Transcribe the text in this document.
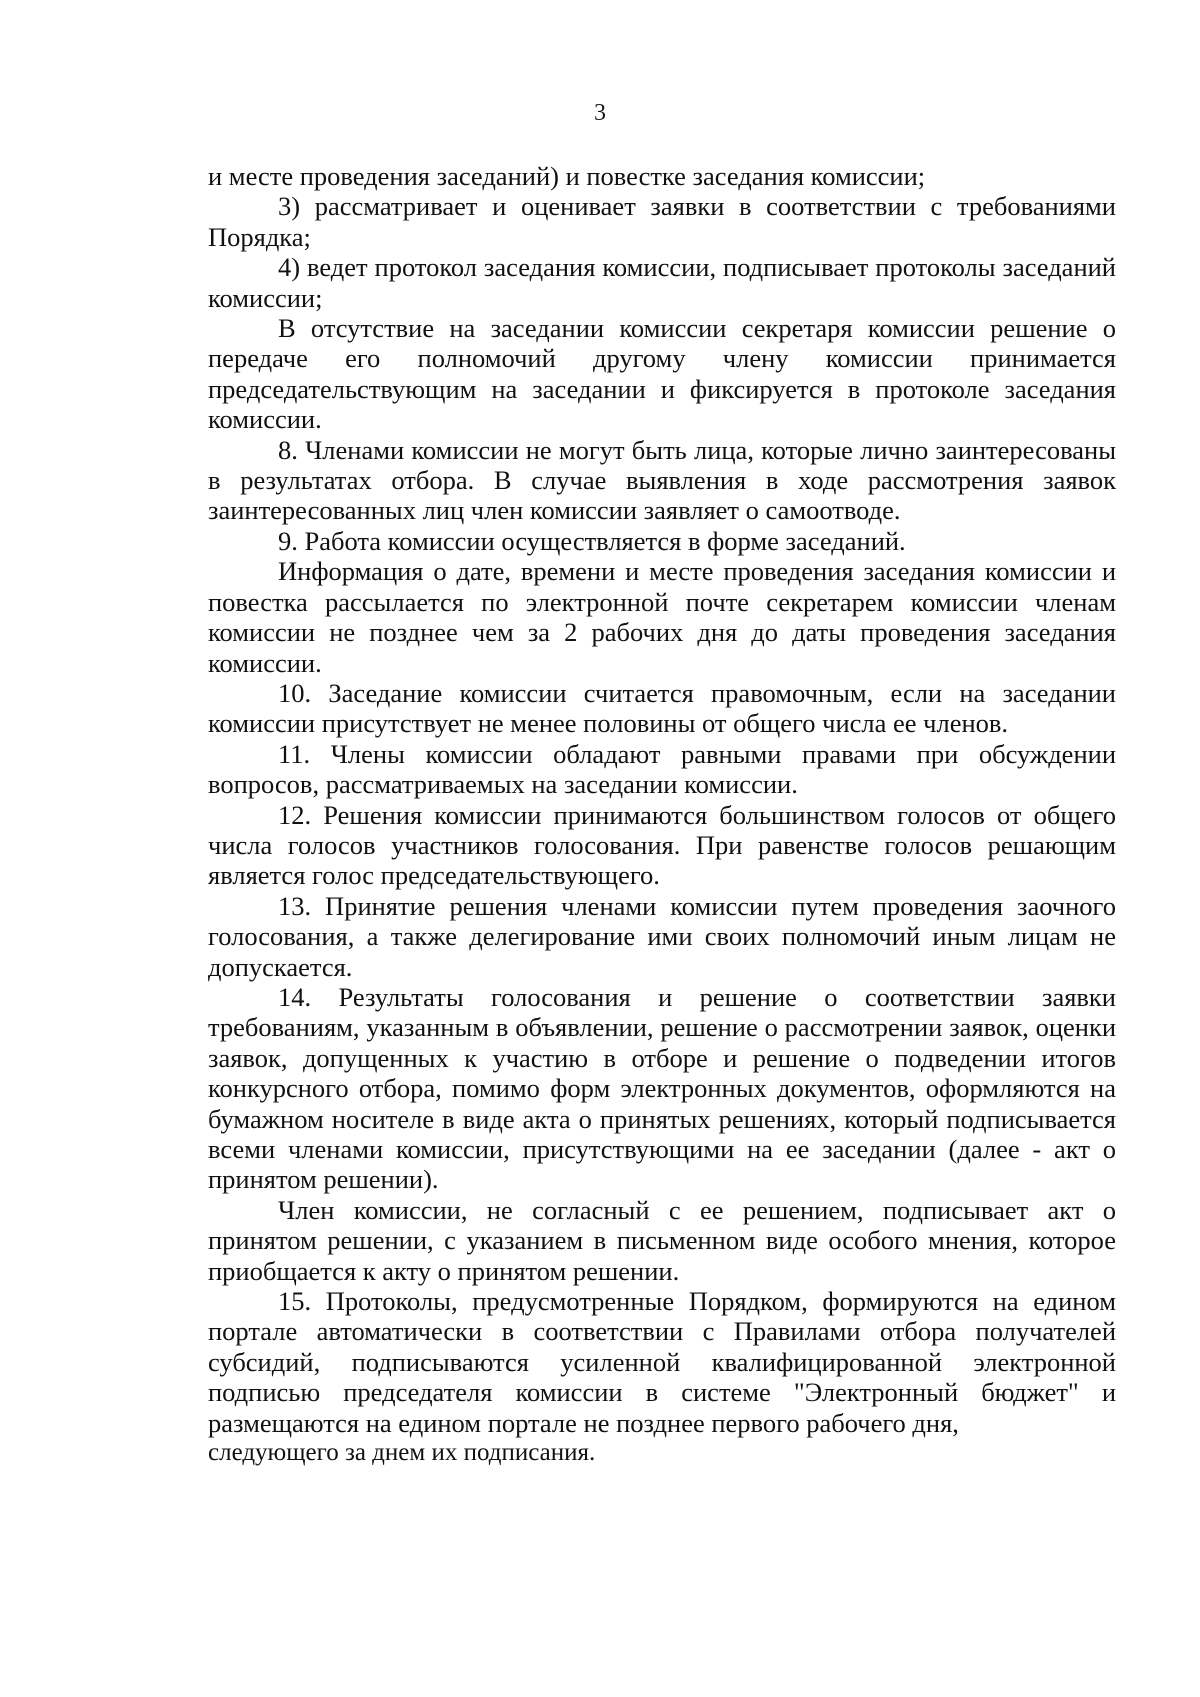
3

и месте проведения заседаний) и повестке заседания комиссии;

3) рассматривает и оценивает заявки в соответствии с требованиями Порядка;

4) ведет протокол заседания комиссии, подписывает протоколы заседаний комиссии;

В отсутствие на заседании комиссии секретаря комиссии решение о передаче его полномочий другому члену комиссии принимается председательствующим на заседании и фиксируется в протоколе заседания комиссии.

8. Членами комиссии не могут быть лица, которые лично заинтересованы в результатах отбора. В случае выявления в ходе рассмотрения заявок заинтересованных лиц член комиссии заявляет о самоотводе.

9. Работа комиссии осуществляется в форме заседаний.

Информация о дате, времени и месте проведения заседания комиссии и повестка рассылается по электронной почте секретарем комиссии членам комиссии не позднее чем за 2 рабочих дня до даты проведения заседания комиссии.

10. Заседание комиссии считается правомочным, если на заседании комиссии присутствует не менее половины от общего числа ее членов.

11. Члены комиссии обладают равными правами при обсуждении вопросов, рассматриваемых на заседании комиссии.

12. Решения комиссии принимаются большинством голосов от общего числа голосов участников голосования. При равенстве голосов решающим является голос председательствующего.

13. Принятие решения членами комиссии путем проведения заочного голосования, а также делегирование ими своих полномочий иным лицам не допускается.

14. Результаты голосования и решение о соответствии заявки требованиям, указанным в объявлении, решение о рассмотрении заявок, оценки заявок, допущенных к участию в отборе и решение о подведении итогов конкурсного отбора, помимо форм электронных документов, оформляются на бумажном носителе в виде акта о принятых решениях, который подписывается всеми членами комиссии, присутствующими на ее заседании (далее - акт о принятом решении).

Член комиссии, не согласный с ее решением, подписывает акт о принятом решении, с указанием в письменном виде особого мнения, которое приобщается к акту о принятом решении.

15. Протоколы, предусмотренные Порядком, формируются на едином портале автоматически в соответствии с Правилами отбора получателей субсидий, подписываются усиленной квалифицированной электронной подписью председателя комиссии в системе "Электронный бюджет" и размещаются на едином портале не позднее первого рабочего дня,

следующего за днем их подписания.
